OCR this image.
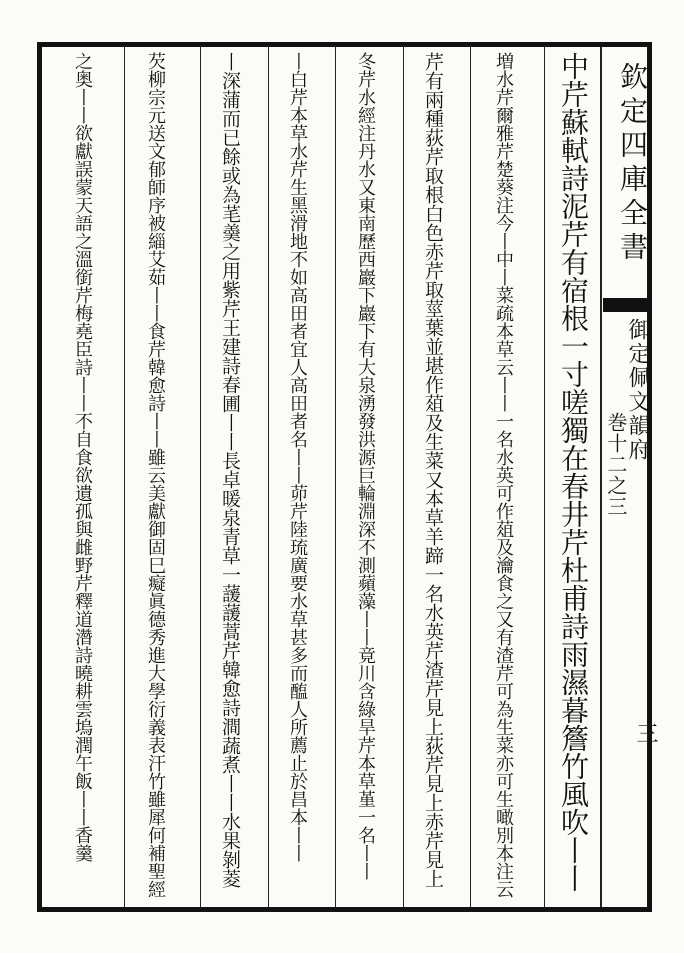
欽定四庫全書
御定佩文韻府
巻十二之三
三
中芹蘇軾詩泥芹有宿根一寸嗟獨在春井芹杜甫詩雨濕暮簷竹風吹丨丨
増水芹爾雅芹楚葵注今丨中丨菜疏本草云丨丨一名水英可作葅及瀹食之又有渣芹可為生菜亦可生噉別本注云
芹有兩種荻芹取根白色赤芹取莖葉並堪作葅及生菜又本草羊蹄一名水英芹渣芹見上荻芹見上赤芹見上
冬芹水經注丹水又東南歷西巖下巖下有大泉湧發洪源巨輪淵深不測蘋藻丨丨竟川含綠旱芹本草堇一名丨丨
丨白芹本草水芹生黑滑地不如高田者宜人高田者名丨丨茆芹陸琉廣要水草甚多而醢人所薦止於昌本丨丨
丨深蒲而已餘或為芼羮之用紫芹王建詩春圃丨丨長卓暖泉青草一蘐蘐蒿芹韓愈詩澗蔬煮丨丨水果剝菱
芡柳宗元送文郁師序被緇艾茹丨丨食芹韓愈詩丨丨雖云美獻御固巳癡眞德秀進大學衍義表汗竹雖犀何補聖經
之奥丨丨欲獻誤蒙天語之溫銜芹梅堯臣詩丨丨不自食欲遺孤與雌野芹釋道濳詩曉耕雲塢潤午飯丨丨香羹
